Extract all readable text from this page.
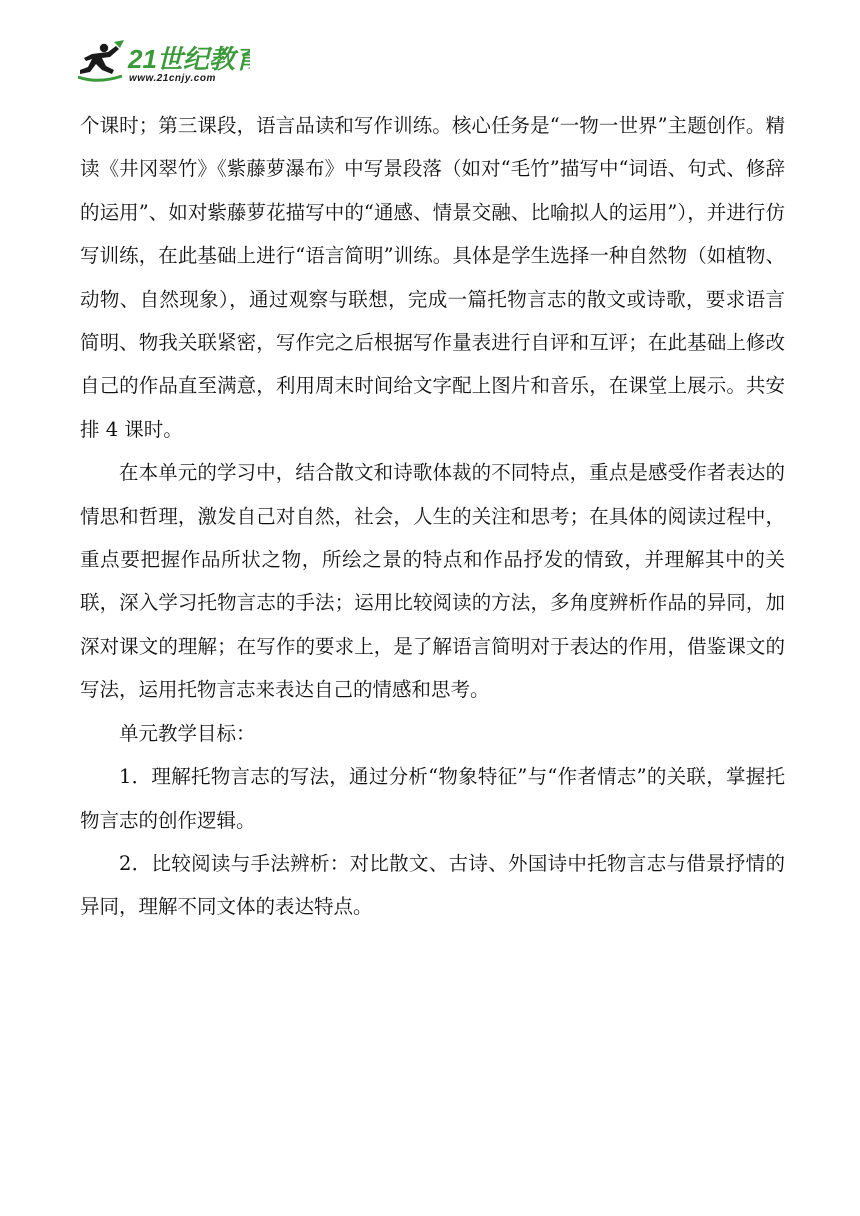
21世纪教育
www.21cnjy.com

个课时；第三课段，语言品读和写作训练。核心任务是“一物一世界”主题创作。精读《井冈翠竹》《紫藤萝瀑布》中写景段落（如对“毛竹”描写中“词语、句式、修辞的运用”、如对紫藤萝花描写中的“通感、情景交融、比喻拟人的运用”），并进行仿写训练，在此基础上进行“语言简明”训练。具体是学生选择一种自然物（如植物、动物、自然现象），通过观察与联想，完成一篇托物言志的散文或诗歌，要求语言简明、物我关联紧密，写作完之后根据写作量表进行自评和互评；在此基础上修改自己的作品直至满意，利用周末时间给文字配上图片和音乐，在课堂上展示。共安排 4 课时。

在本单元的学习中，结合散文和诗歌体裁的不同特点，重点是感受作者表达的情思和哲理，激发自己对自然，社会，人生的关注和思考；在具体的阅读过程中，重点要把握作品所状之物，所绘之景的特点和作品抒发的情致，并理解其中的关联，深入学习托物言志的手法；运用比较阅读的方法，多角度辨析作品的异同，加深对课文的理解；在写作的要求上，是了解语言简明对于表达的作用，借鉴课文的写法，运用托物言志来表达自己的情感和思考。

单元教学目标：

1．理解托物言志的写法，通过分析“物象特征”与“作者情志”的关联，掌握托物言志的创作逻辑。

2．比较阅读与手法辨析：对比散文、古诗、外国诗中托物言志与借景抒情的异同，理解不同文体的表达特点。
